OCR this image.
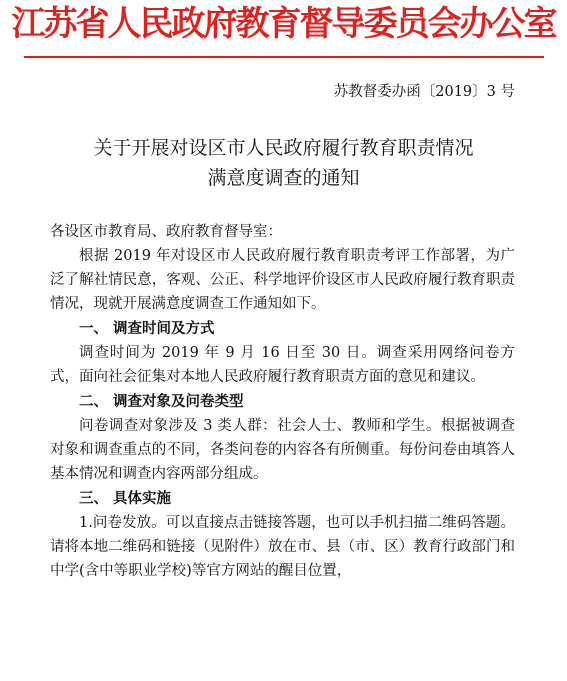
江苏省人民政府教育督导委员会办公室
苏教督委办函〔2019〕3 号
关于开展对设区市人民政府履行教育职责情况
满意度调查的通知

各设区市教育局、政府教育督导室：

根据 2019 年对设区市人民政府履行教育职责考评工作部署，为广泛了解社情民意，客观、公正、科学地评价设区市人民政府履行教育职责情况，现就开展满意度调查工作通知如下。

一、 调查时间及方式

调查时间为 2019 年 9 月 16 日至 30 日。调查采用网络问卷方式，面向社会征集对本地人民政府履行教育职责方面的意见和建议。

二、 调查对象及问卷类型

问卷调查对象涉及 3 类人群：社会人士、教师和学生。根据被调查对象和调查重点的不同，各类问卷的内容各有所侧重。每份问卷由填答人基本情况和调查内容两部分组成。

三、 具体实施

1.问卷发放。可以直接点击链接答题，也可以手机扫描二维码答题。请将本地二维码和链接（见附件）放在市、县（市、区）教育行政部门和中学(含中等职业学校)等官方网站的醒目位置，
